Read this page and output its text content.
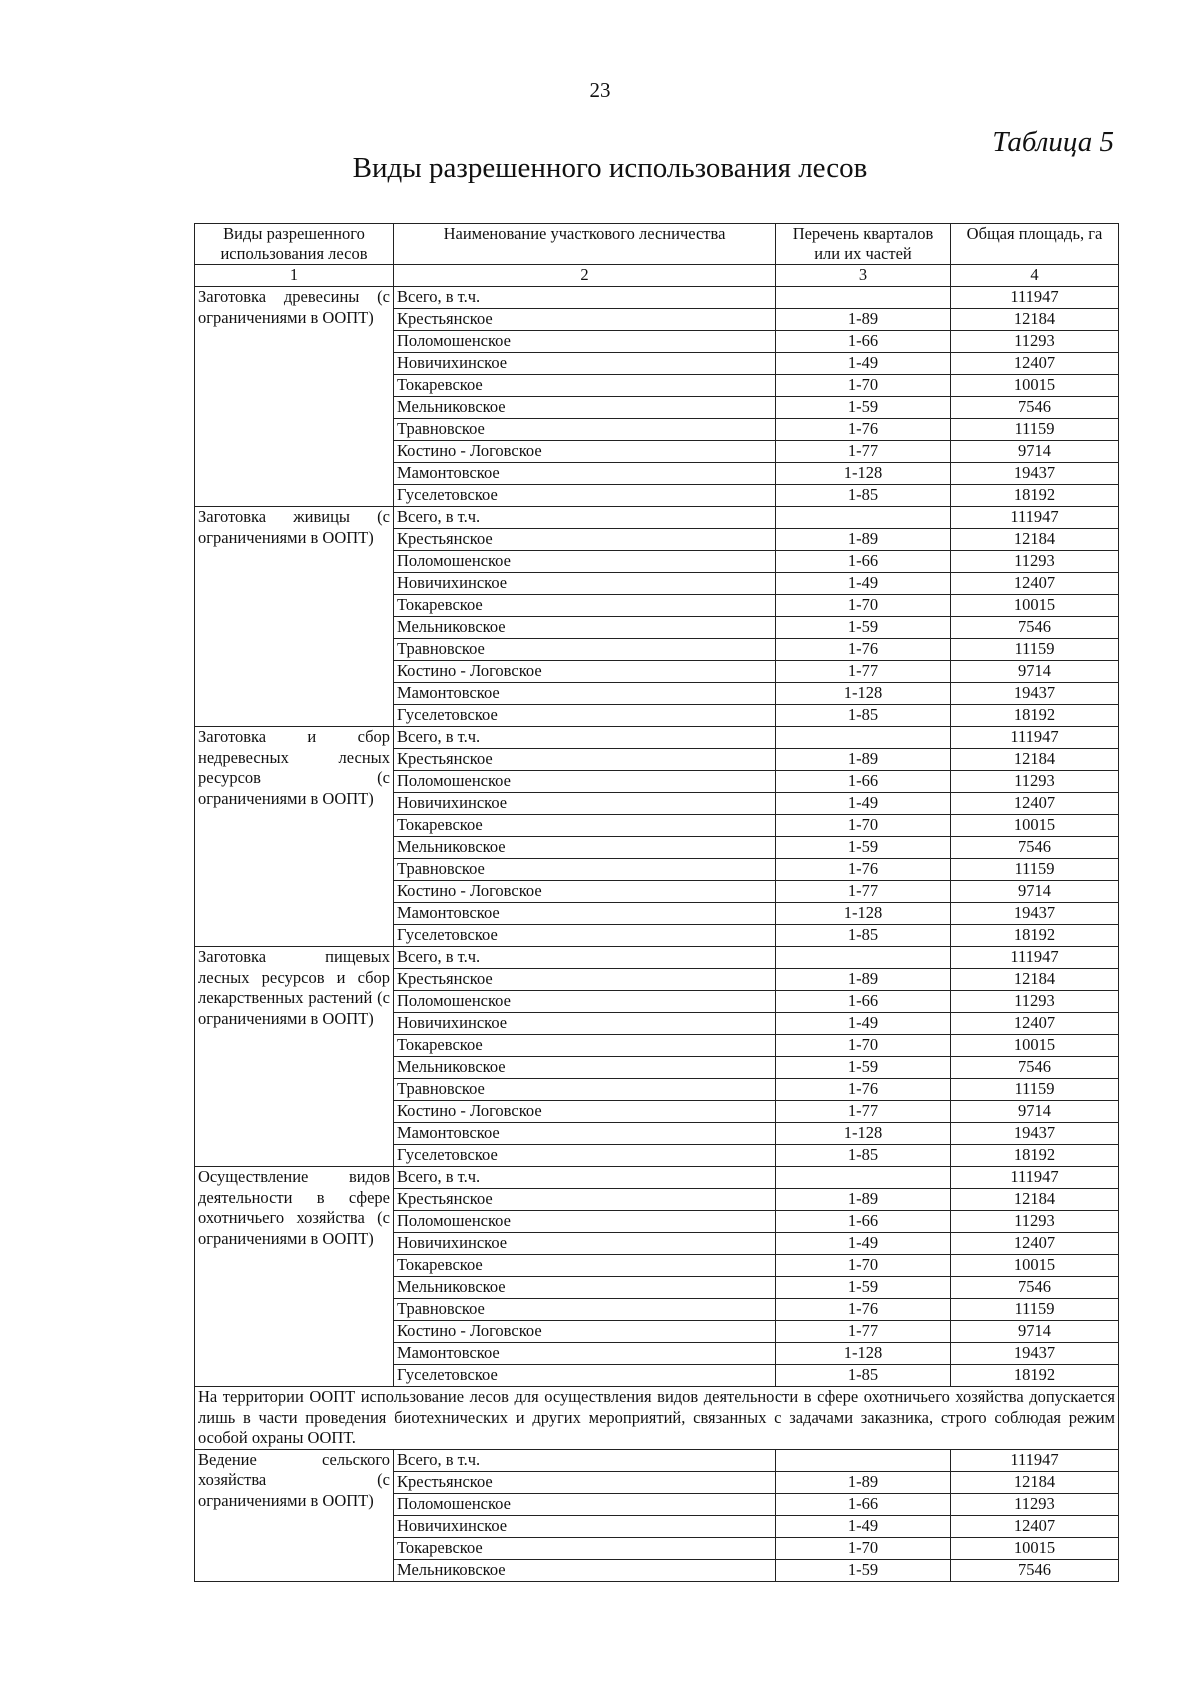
23
Таблица 5
Виды разрешенного использования лесов
Виды разрешенного использования лесов	Наименование участкового лесничества	Перечень кварталов или их частей	Общая площадь, га
1	2	3	4
Заготовка древесины (с ограничениями в ООПТ)	Всего, в т.ч.		111947
	Крестьянское	1-89	12184
	Поломошенское	1-66	11293
	Новичихинское	1-49	12407
	Токаревское	1-70	10015
	Мельниковское	1-59	7546
	Травновское	1-76	11159
	Костино - Логовское	1-77	9714
	Мамонтовское	1-128	19437
	Гуселетовское	1-85	18192
Заготовка живицы (с ограничениями в ООПТ)	Всего, в т.ч.		111947
	Крестьянское	1-89	12184
	Поломошенское	1-66	11293
	Новичихинское	1-49	12407
	Токаревское	1-70	10015
	Мельниковское	1-59	7546
	Травновское	1-76	11159
	Костино - Логовское	1-77	9714
	Мамонтовское	1-128	19437
	Гуселетовское	1-85	18192
Заготовка и сбор недревесных лесных ресурсов (с ограничениями в ООПТ)	Всего, в т.ч.		111947
	Крестьянское	1-89	12184
	Поломошенское	1-66	11293
	Новичихинское	1-49	12407
	Токаревское	1-70	10015
	Мельниковское	1-59	7546
	Травновское	1-76	11159
	Костино - Логовское	1-77	9714
	Мамонтовское	1-128	19437
	Гуселетовское	1-85	18192
Заготовка пищевых лесных ресурсов и сбор лекарственных растений (с ограничениями в ООПТ)	Всего, в т.ч.		111947
	Крестьянское	1-89	12184
	Поломошенское	1-66	11293
	Новичихинское	1-49	12407
	Токаревское	1-70	10015
	Мельниковское	1-59	7546
	Травновское	1-76	11159
	Костино - Логовское	1-77	9714
	Мамонтовское	1-128	19437
	Гуселетовское	1-85	18192
Осуществление видов деятельности в сфере охотничьего хозяйства (с ограничениями в ООПТ)	Всего, в т.ч.		111947
	Крестьянское	1-89	12184
	Поломошенское	1-66	11293
	Новичихинское	1-49	12407
	Токаревское	1-70	10015
	Мельниковское	1-59	7546
	Травновское	1-76	11159
	Костино - Логовское	1-77	9714
	Мамонтовское	1-128	19437
	Гуселетовское	1-85	18192
На территории ООПТ использование лесов для осуществления видов деятельности в сфере охотничьего хозяйства допускается лишь в части проведения биотехнических и других мероприятий, связанных с задачами заказника, строго соблюдая режим особой охраны ООПТ.			
Ведение сельского хозяйства (с ограничениями в ООПТ)	Всего, в т.ч.		111947
	Крестьянское	1-89	12184
	Поломошенское	1-66	11293
	Новичихинское	1-49	12407
	Токаревское	1-70	10015
	Мельниковское	1-59	7546
